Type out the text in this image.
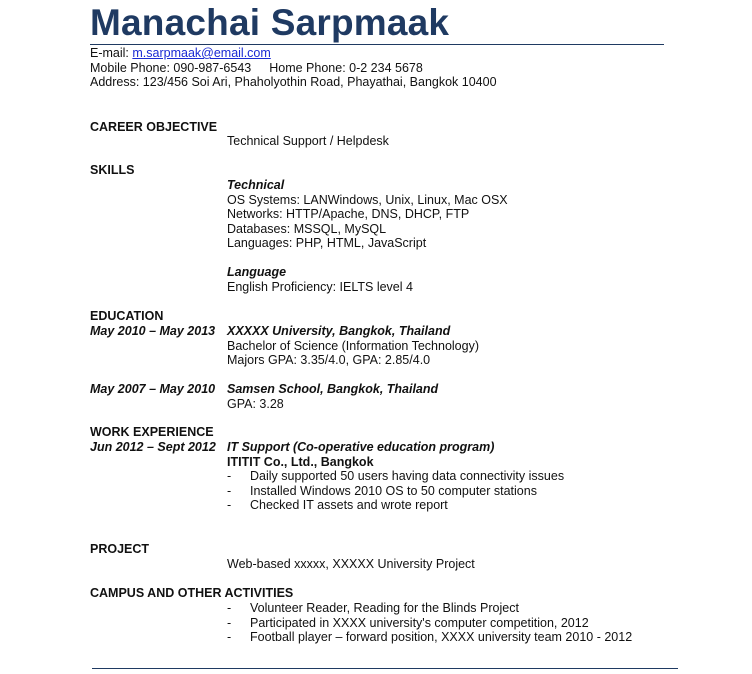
Manachai Sarpmaak
E-mail: m.sarpmaak@email.com
Mobile Phone: 090-987-6543 Home Phone: 0-2 234 5678
Address: 123/456 Soi Ari, Phaholyothin Road, Phayathai, Bangkok 10400
CAREER OBJECTIVE
Technical Support / Helpdesk
SKILLS
Technical
OS Systems: LANWindows, Unix, Linux, Mac OSX
Networks: HTTP/Apache, DNS, DHCP, FTP
Databases: MSSQL, MySQL
Languages: PHP, HTML, JavaScript
Language
English Proficiency: IELTS level 4
EDUCATION
May 2010 – May 2013 XXXXX University, Bangkok, Thailand
Bachelor of Science (Information Technology)
Majors GPA: 3.35/4.0, GPA: 2.85/4.0
May 2007 – May 2010 Samsen School, Bangkok, Thailand
GPA: 3.28
WORK EXPERIENCE
Jun 2012 – Sept 2012 IT Support (Co-operative education program)
ITITIT Co., Ltd., Bangkok
- Daily supported 50 users having data connectivity issues
- Installed Windows 2010 OS to 50 computer stations
- Checked IT assets and wrote report
PROJECT
Web-based xxxxx, XXXXX University Project
CAMPUS AND OTHER ACTIVITIES
- Volunteer Reader, Reading for the Blinds Project
- Participated in XXXX university's computer competition, 2012
- Football player – forward position, XXXX university team 2010 - 2012
